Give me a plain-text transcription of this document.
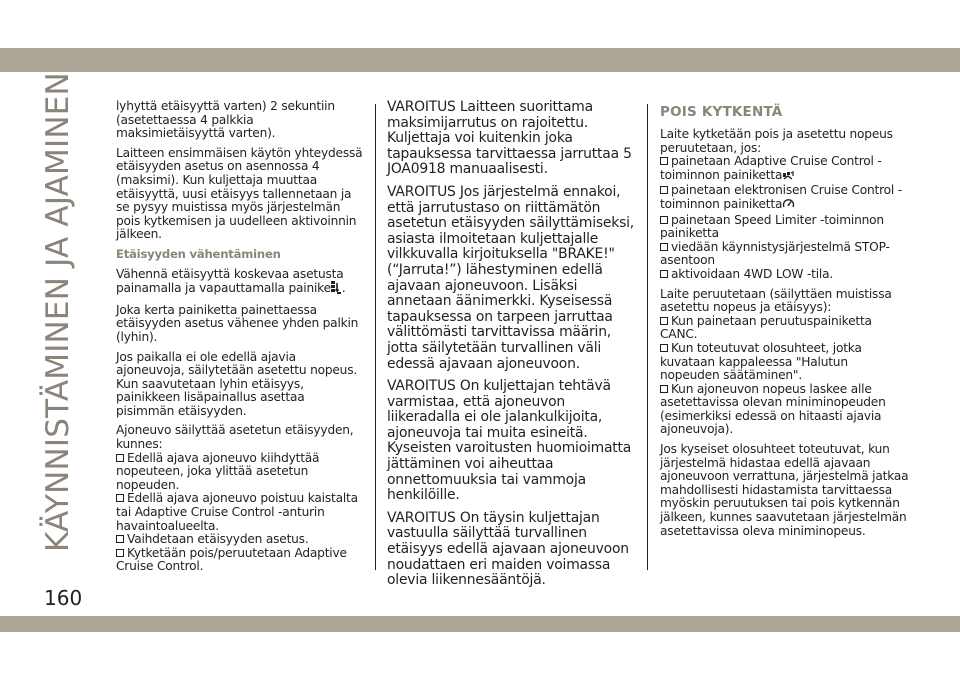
KÄYNNISTÄMINEN JA AJAMINEN
160

lyhyttä etäisyyttä varten) 2 sekuntiin (asetettaessa 4 palkkia maksimietäisyyttä varten).

Laitteen ensimmäisen käytön yhteydessä etäisyyden asetus on asennossa 4 (maksimi). Kun kuljettaja muuttaa etäisyyttä, uusi etäisyys tallennetaan ja se pysyy muistissa myös järjestelmän pois kytkemisen ja uudelleen aktivoinnin jälkeen.

Etäisyyden vähentäminen

Vähennä etäisyyttä koskevaa asetusta painamalla ja vapauttamalla painike .

Joka kerta painiketta painettaessa etäisyyden asetus vähenee yhden palkin (lyhin).

Jos paikalla ei ole edellä ajavia ajoneuvoja, säilytetään asetettu nopeus. Kun saavutetaan lyhin etäisyys, painikkeen lisäpainallus asettaa pisimmän etäisyyden.

Ajoneuvo säilyttää asetetun etäisyyden, kunnes:

Edellä ajava ajoneuvo kiihdyttää nopeuteen, joka ylittää asetetun nopeuden.
Edellä ajava ajoneuvo poistuu kaistalta tai Adaptive Cruise Control -anturin havaintoalueelta.
Vaihdetaan etäisyyden asetus.
Kytketään pois/peruutetaan Adaptive Cruise Control.

VAROITUS Laitteen suorittama maksimijarrutus on rajoitettu. Kuljettaja voi kuitenkin joka tapauksessa tarvittaessa jarruttaa 5 JOA0918 manuaalisesti.

VAROITUS Jos järjestelmä ennakoi, että jarrutustaso on riittämätön asetetun etäisyyden säilyttämiseksi, asiasta ilmoitetaan kuljettajalle vilkkuvalla kirjoituksella "BRAKE!" (“Jarruta!”) lähestyminen edellä ajavaan ajoneuvoon. Lisäksi annetaan äänimerkki. Kyseisessä tapauksessa on tarpeen jarruttaa välittömästi tarvittavissa määrin, jotta säilytetään turvallinen väli edessä ajavaan ajoneuvoon.

VAROITUS On kuljettajan tehtävä varmistaa, että ajoneuvon liikeradalla ei ole jalankulkijoita, ajoneuvoja tai muita esineitä. Kyseisten varoitusten huomioimatta jättäminen voi aiheuttaa onnettomuuksia tai vammoja henkilöille.

VAROITUS On täysin kuljettajan vastuulla säilyttää turvallinen etäisyys edellä ajavaan ajoneuvoon noudattaen eri maiden voimassa olevia liikennesääntöjä.

POIS KYTKENTÄ

Laite kytketään pois ja asetettu nopeus peruutetaan, jos:

painetaan Adaptive Cruise Control -toiminnon painiketta
painetaan elektronisen Cruise Control -toiminnon painiketta
painetaan Speed Limiter -toiminnon painiketta
viedään käynnistysjärjestelmä STOP-asentoon
aktivoidaan 4WD LOW -tila.

Laite peruutetaan (säilyttäen muistissa asetettu nopeus ja etäisyys):

Kun painetaan peruutuspainiketta CANC.
Kun toteutuvat olosuhteet, jotka kuvataan kappaleessa "Halutun nopeuden säätäminen".
Kun ajoneuvon nopeus laskee alle asetettavissa olevan miniminopeuden (esimerkiksi edessä on hitaasti ajavia ajoneuvoja).

Jos kyseiset olosuhteet toteutuvat, kun järjestelmä hidastaa edellä ajavaan ajoneuvoon verrattuna, järjestelmä jatkaa mahdollisesti hidastamista tarvittaessa myöskin peruutuksen tai pois kytkennän jälkeen, kunnes saavutetaan järjestelmän asetettavissa oleva miniminopeus.
